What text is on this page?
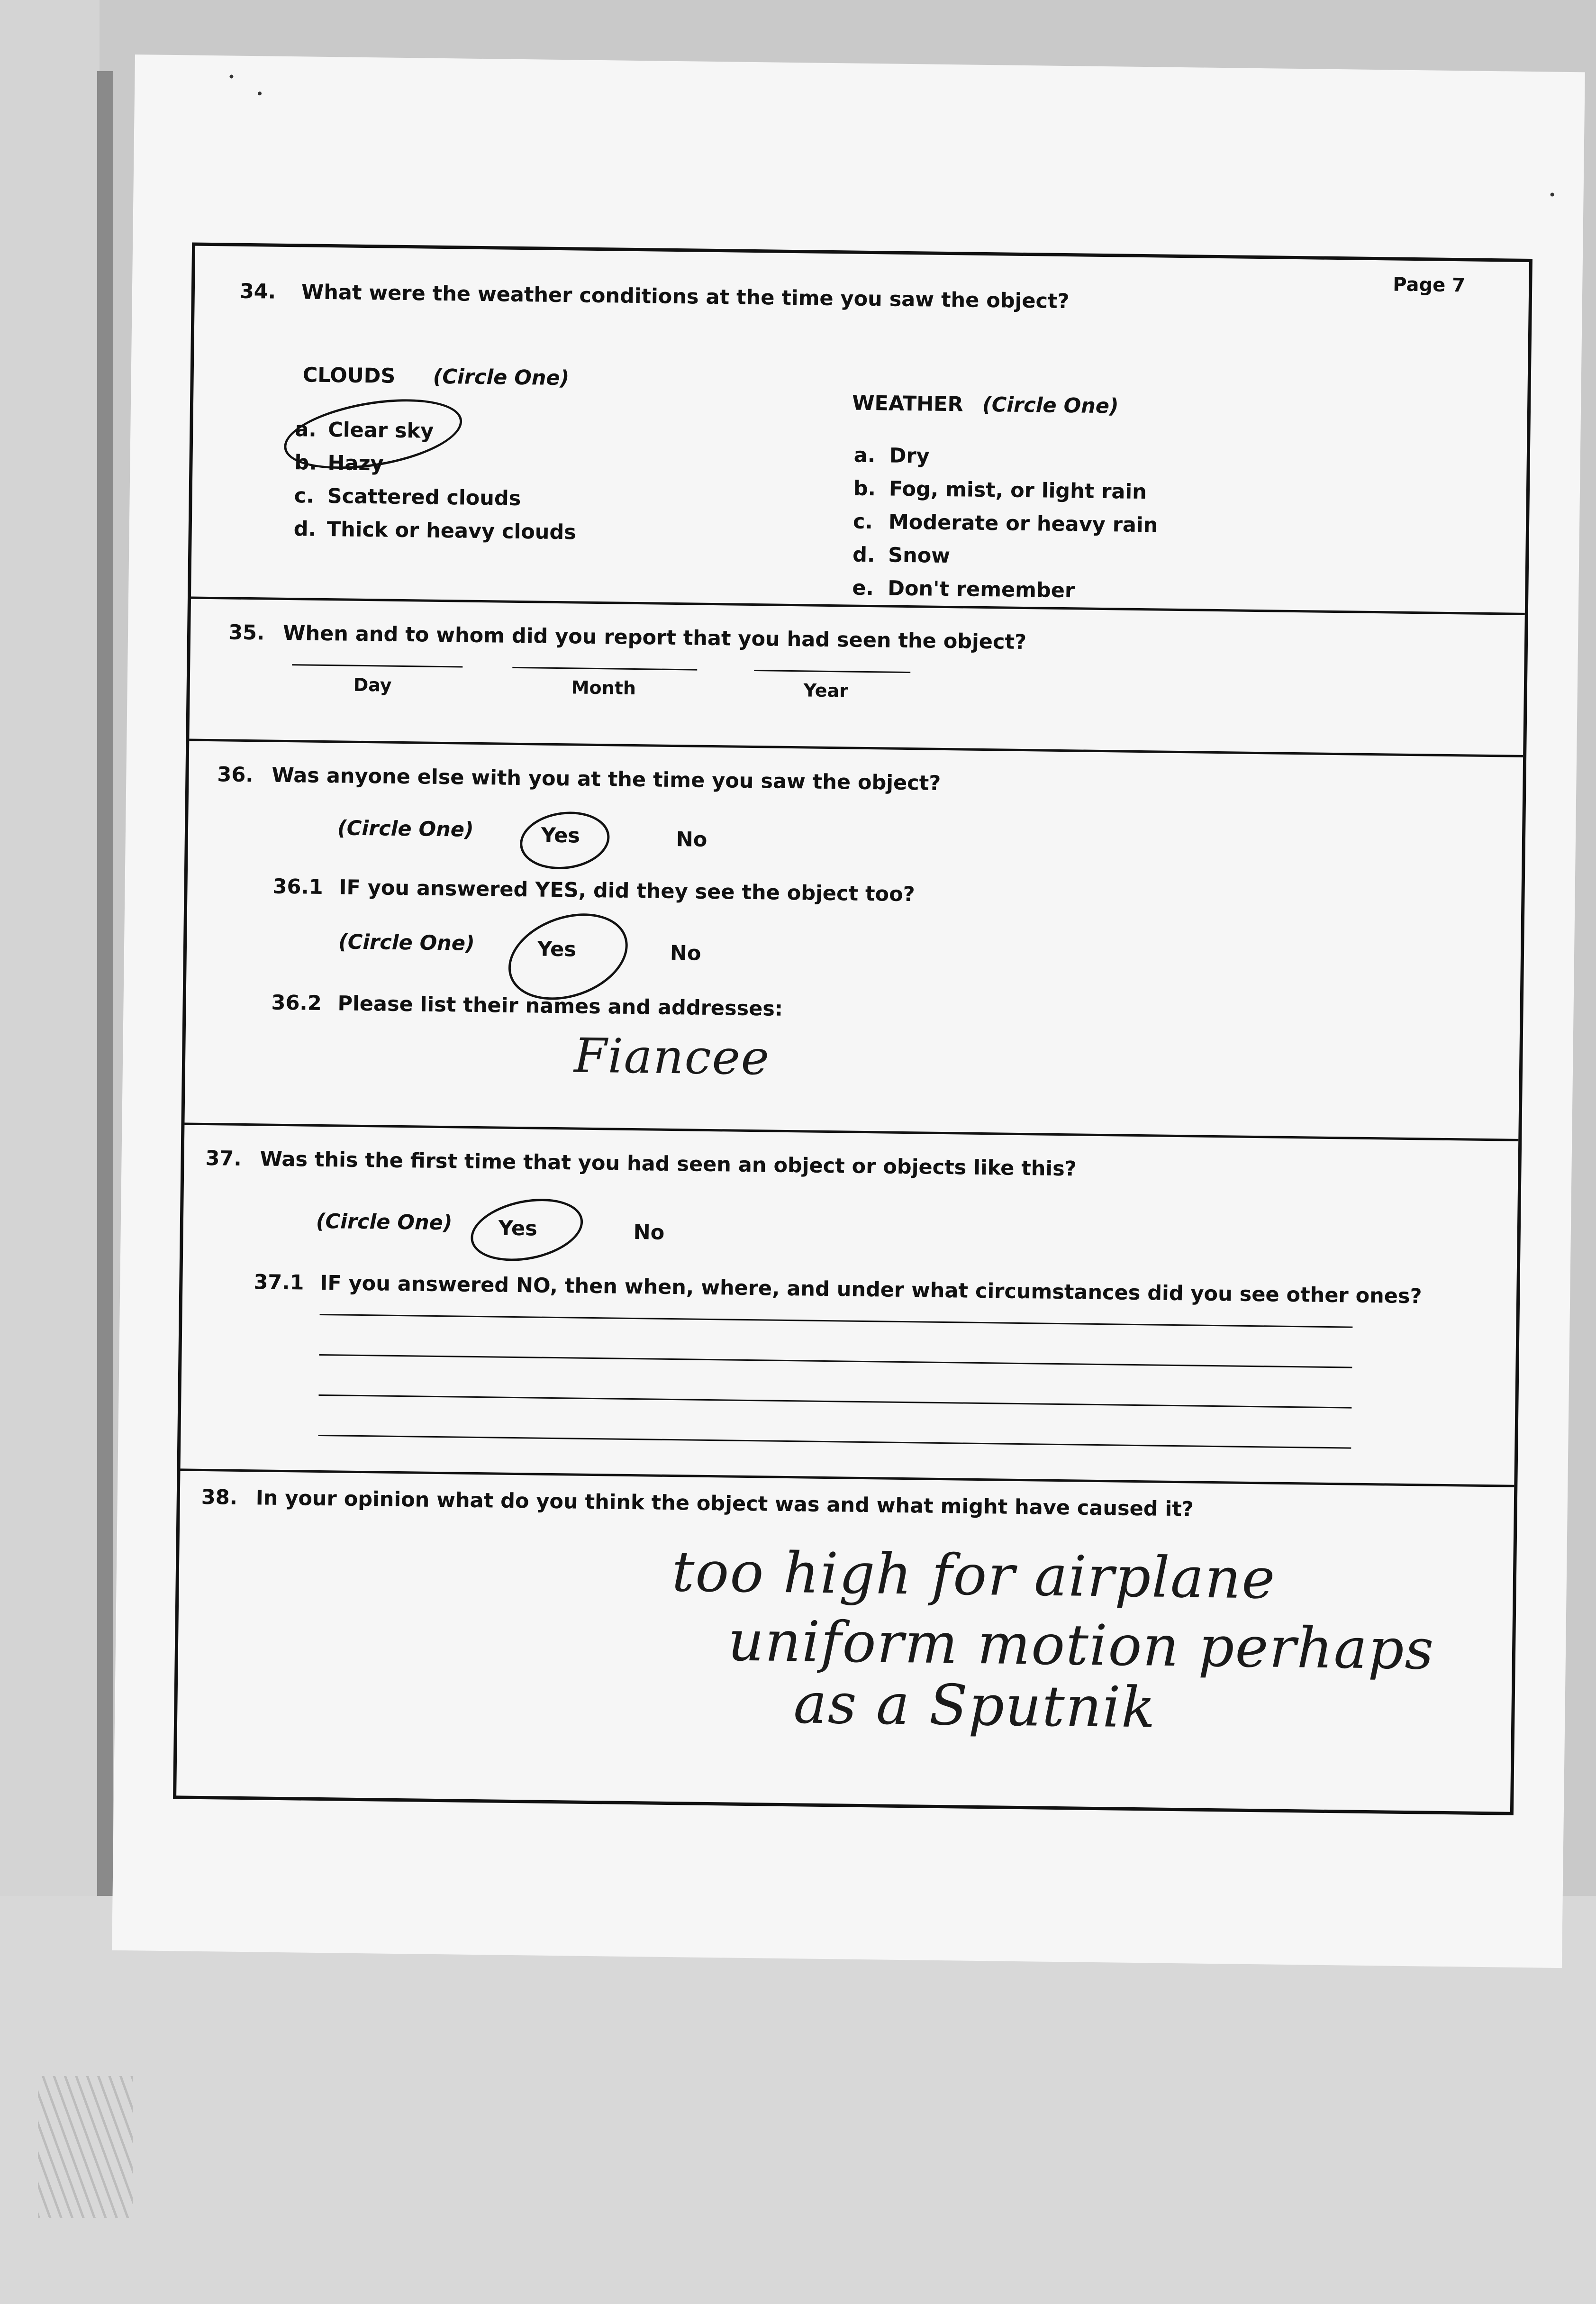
Page 7
34. What were the weather conditions at the time you saw the object?
CLOUDS (Circle One)
a. Clear sky
b. Hazy
c. Scattered clouds
d. Thick or heavy clouds
WEATHER (Circle One)
a. Dry
b. Fog, mist, or light rain
c. Moderate or heavy rain
d. Snow
e. Don't remember
35. When and to whom did you report that you had seen the object?
Day	Month	Year
36. Was anyone else with you at the time you saw the object?
(Circle One)	Yes	No
36.1 IF you answered YES, did they see the object too?
(Circle One)	Yes	No
36.2 Please list their names and addresses:
Fiancee
37. Was this the first time that you had seen an object or objects like this?
(Circle One) Yes	No
37.1 IF you answered NO, then when, where, and under what circumstances did you see other ones?
38. In your opinion what do you think the object was and what might have caused it?
too high for airplane
uniform motion perhaps
as a Sputnik
